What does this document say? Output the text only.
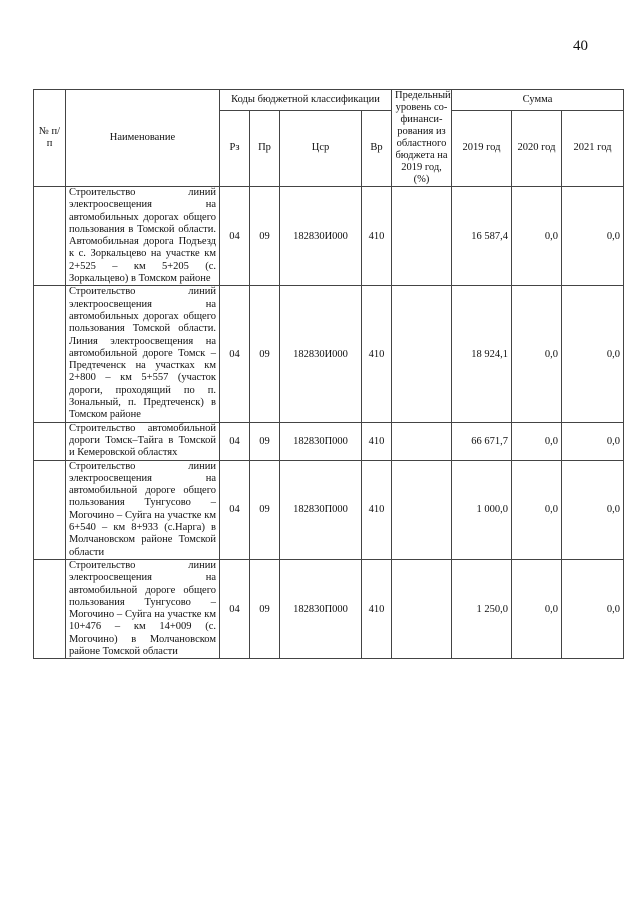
40
№ п/п	Наименование	Коды бюджетной классификации				Предельный уровень со-финанси-рования из областного бюджета на 2019 год, (%)	Сумма		
		Рз	Пр	Цср	Вр		2019 год	2020 год	2021 год
	Строительство линий электроосвещения на автомобильных дорогах общего пользования в Томской области. Автомобильная дорога Подъезд к с. Зоркальцево на участке км 2+525 – км 5+205 (с. Зоркальцево) в Томском районе	04	09	182830И000	410		16 587,4	0,0	0,0
	Строительство линий электроосвещения на автомобильных дорогах общего пользования Томской области. Линия электроосвещения на автомобильной дороге Томск – Предтеченск на участках км 2+800 – км 5+557 (участок дороги, проходящий по п. Зональный, п. Предтеченск) в Томском районе	04	09	182830И000	410		18 924,1	0,0	0,0
	Строительство автомобильной дороги Томск–Тайга в Томской и Кемеровской областях	04	09	182830П000	410		66 671,7	0,0	0,0
	Строительство линии электроосвещения на автомобильной дороге общего пользования Тунгусово – Могочино – Суйга на участке км 6+540 – км 8+933 (с.Нарга) в Молчановском районе Томской области	04	09	182830П000	410		1 000,0	0,0	0,0
	Строительство линии электроосвещения на автомобильной дороге общего пользования Тунгусово – Могочино – Суйга на участке км 10+476 – км 14+009 (с. Могочино) в Молчановском районе Томской области	04	09	182830П000	410		1 250,0	0,0	0,0
